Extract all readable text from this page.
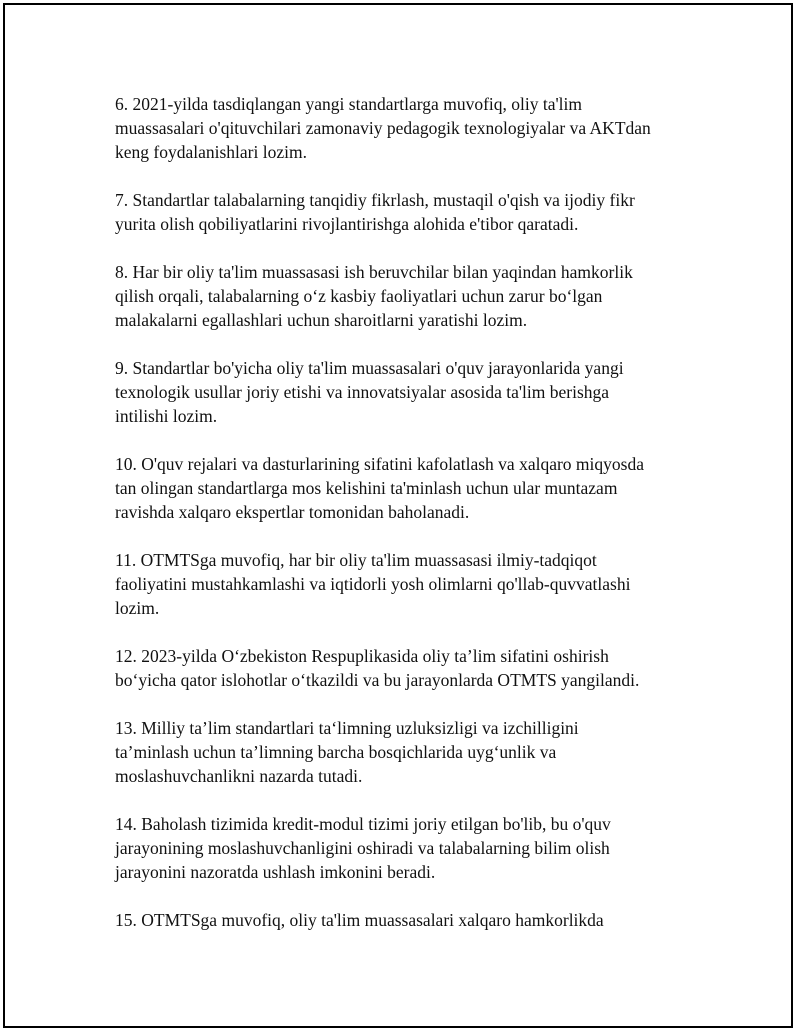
6. 2021-yilda tasdiqlangan yangi standartlarga muvofiq, oliy ta'lim
muassasalari o'qituvchilari zamonaviy pedagogik texnologiyalar va AKTdan
keng foydalanishlari lozim.

7. Standartlar talabalarning tanqidiy fikrlash, mustaqil o'qish va ijodiy fikr
yurita olish qobiliyatlarini rivojlantirishga alohida e'tibor qaratadi.

8. Har bir oliy ta'lim muassasasi ish beruvchilar bilan yaqindan hamkorlik
qilish orqali, talabalarning o‘z kasbiy faoliyatlari uchun zarur bo‘lgan
malakalarni egallashlari uchun sharoitlarni yaratishi lozim.

9. Standartlar bo'yicha oliy ta'lim muassasalari o'quv jarayonlarida yangi
texnologik usullar joriy etishi va innovatsiyalar asosida ta'lim berishga
intilishi lozim.

10. O'quv rejalari va dasturlarining sifatini kafolatlash va xalqaro miqyosda
tan olingan standartlarga mos kelishini ta'minlash uchun ular muntazam
ravishda xalqaro ekspertlar tomonidan baholanadi.

11. OTMTSga muvofiq, har bir oliy ta'lim muassasasi ilmiy-tadqiqot
faoliyatini mustahkamlashi va iqtidorli yosh olimlarni qo'llab-quvvatlashi
lozim.

12. 2023-yilda O‘zbekiston Respuplikasida oliy ta’lim sifatini oshirish
bo‘yicha qator islohotlar o‘tkazildi va bu jarayonlarda OTMTS yangilandi.

13. Milliy ta’lim standartlari ta‘limning uzluksizligi va izchilligini
ta’minlash uchun ta’limning barcha bosqichlarida uyg‘unlik va
moslashuvchanlikni nazarda tutadi.

14. Baholash tizimida kredit-modul tizimi joriy etilgan bo'lib, bu o'quv
jarayonining moslashuvchanligini oshiradi va talabalarning bilim olish
jarayonini nazoratda ushlash imkonini beradi.

15. OTMTSga muvofiq, oliy ta'lim muassasalari xalqaro hamkorlikda
